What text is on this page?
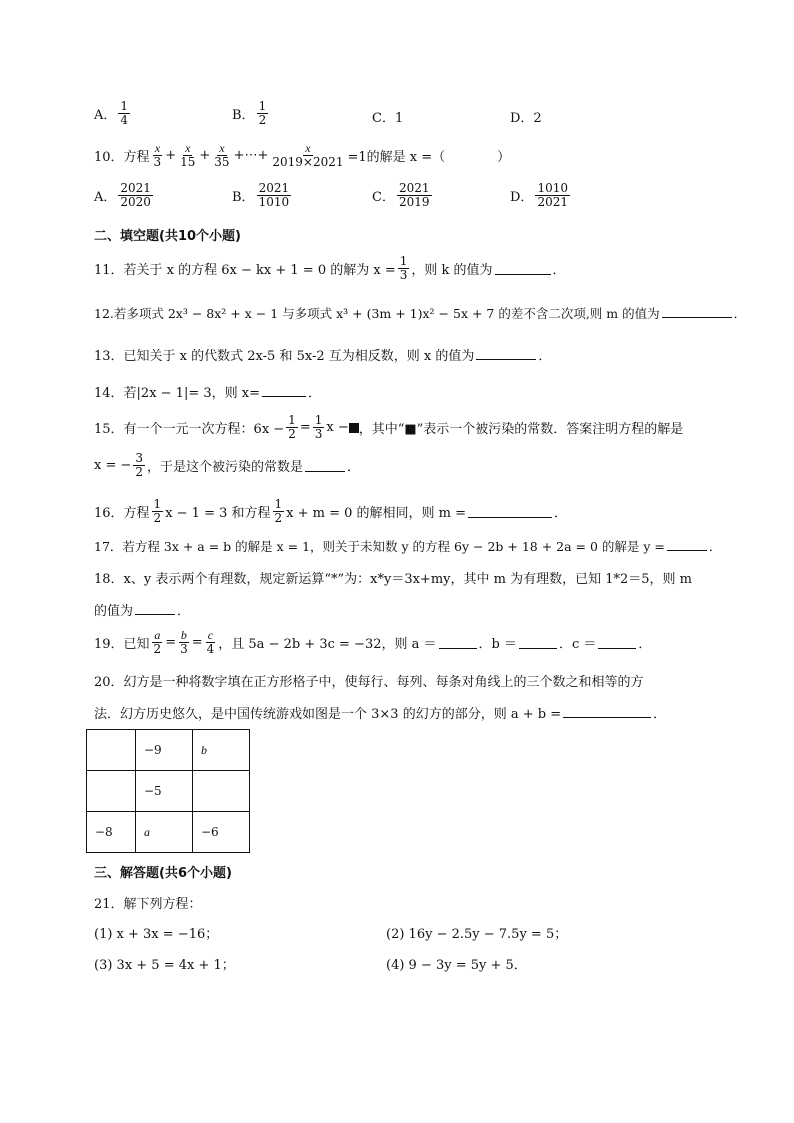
A． $\frac{1}{4}$	B． $\frac{1}{2}$	C．1	D．2
10．方程 $\frac{x}{3} + \frac{x}{15} + \frac{x}{35}$ +⋯+ $\frac{x}{2019\times 2021} =1$的解是 x =（　　　　）
A． $\frac{2021}{2020}$	B． $\frac{2021}{1010}$	C． $\frac{2021}{2019}$	D． $\frac{1010}{2021}$
二、填空题(共10个小题)
11．若关于 x 的方程 6x − kx + 1 = 0 的解为 $x = \frac{1}{3}$ ，则 k 的值为	．
12.若多项式 2x³ − 8x² + x − 1 与多项式 x³ + (3m + 1)x² − 5x + 7 的差不含二次项,则 m 的值为	．
13．已知关于 x 的代数式 2x-5 和 5x-2 互为相反数，则 x 的值为	．
14．若|2x − 1|= 3，则 x=	．
15．有一个一元一次方程：$6x - \frac{1}{2} = \frac{1}{3}$ x − ，其中“■”表示一个被污染的常数．答案注明方程的解是
x = − $\frac{3}{2}$ ，于是这个被污染的常数是	．
16．方程 $\frac{1}{2}$ x − 1 = 3 和方程 $\frac{1}{2}$ x + m = 0 的解相同，则 m =	．
17．若方程 3x + a = b 的解是 x = 1，则关于未知数 y 的方程 6y − 2b + 18 + 2a = 0 的解是 y =	．
18．x、y 表示两个有理数，规定新运算“*”为：x*y＝3x+my，其中 m 为有理数，已知 1*2＝5，则 m
的值为	．
19．已知 $\frac{a}{2} = \frac{b}{3} = \frac{c}{4}$ ，且 5a − 2b + 3c = −32，则 a ＝	．b ＝	．c ＝	．
20．幻方是一种将数字填在正方形格子中，使每行、每列、每条对角线上的三个数之和相等的方
法．幻方历史悠久，是中国传统游戏如图是一个 3×3 的幻方的部分，则 a + b =	．
	−9	b
	−5	
−8	a	−6
三、解答题(共6个小题)
21．解下列方程：
(1) x + 3x = −16；	(2) 16y − 2.5y − 7.5y = 5；
(3) 3x + 5 = 4x + 1；	(4) 9 − 3y = 5y + 5．
